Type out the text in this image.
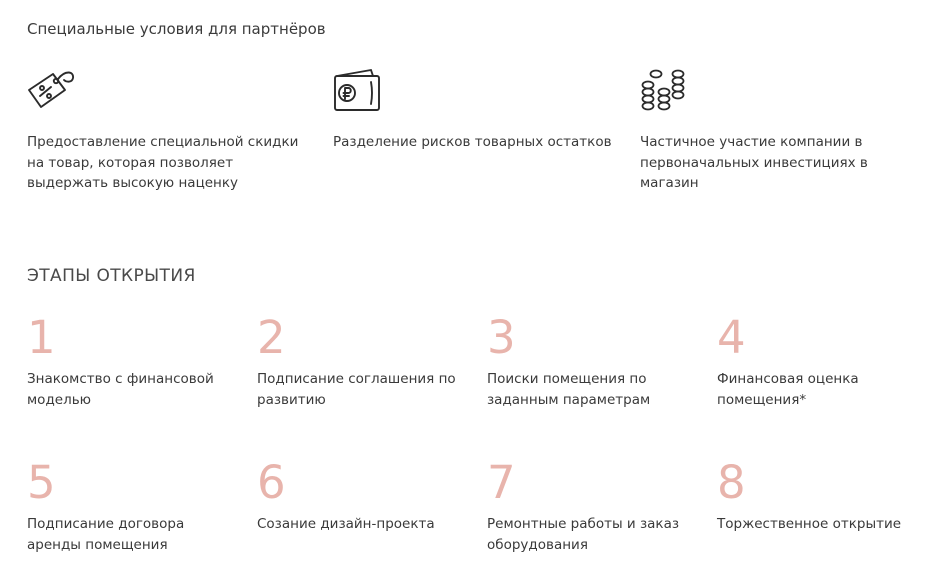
Специальные условия для партнёров
Предоставление специальной скидки на товар, которая позволяет выдержать высокую наценку
Разделение рисков товарных остатков	Частичное участие компании в первоначальных инвестициях в магазин
ЭТАПЫ ОТКРЫТИЯ
1
Знакомство с финансовой моделью
2
Подписание соглашения по развитию
3
Поиски помещения по заданным параметрам
4
Финансовая оценка помещения*
5
Подписание договора аренды помещения
6
Созание дизайн-проекта
7
Ремонтные работы и заказ оборудования
8
Торжественное открытие
